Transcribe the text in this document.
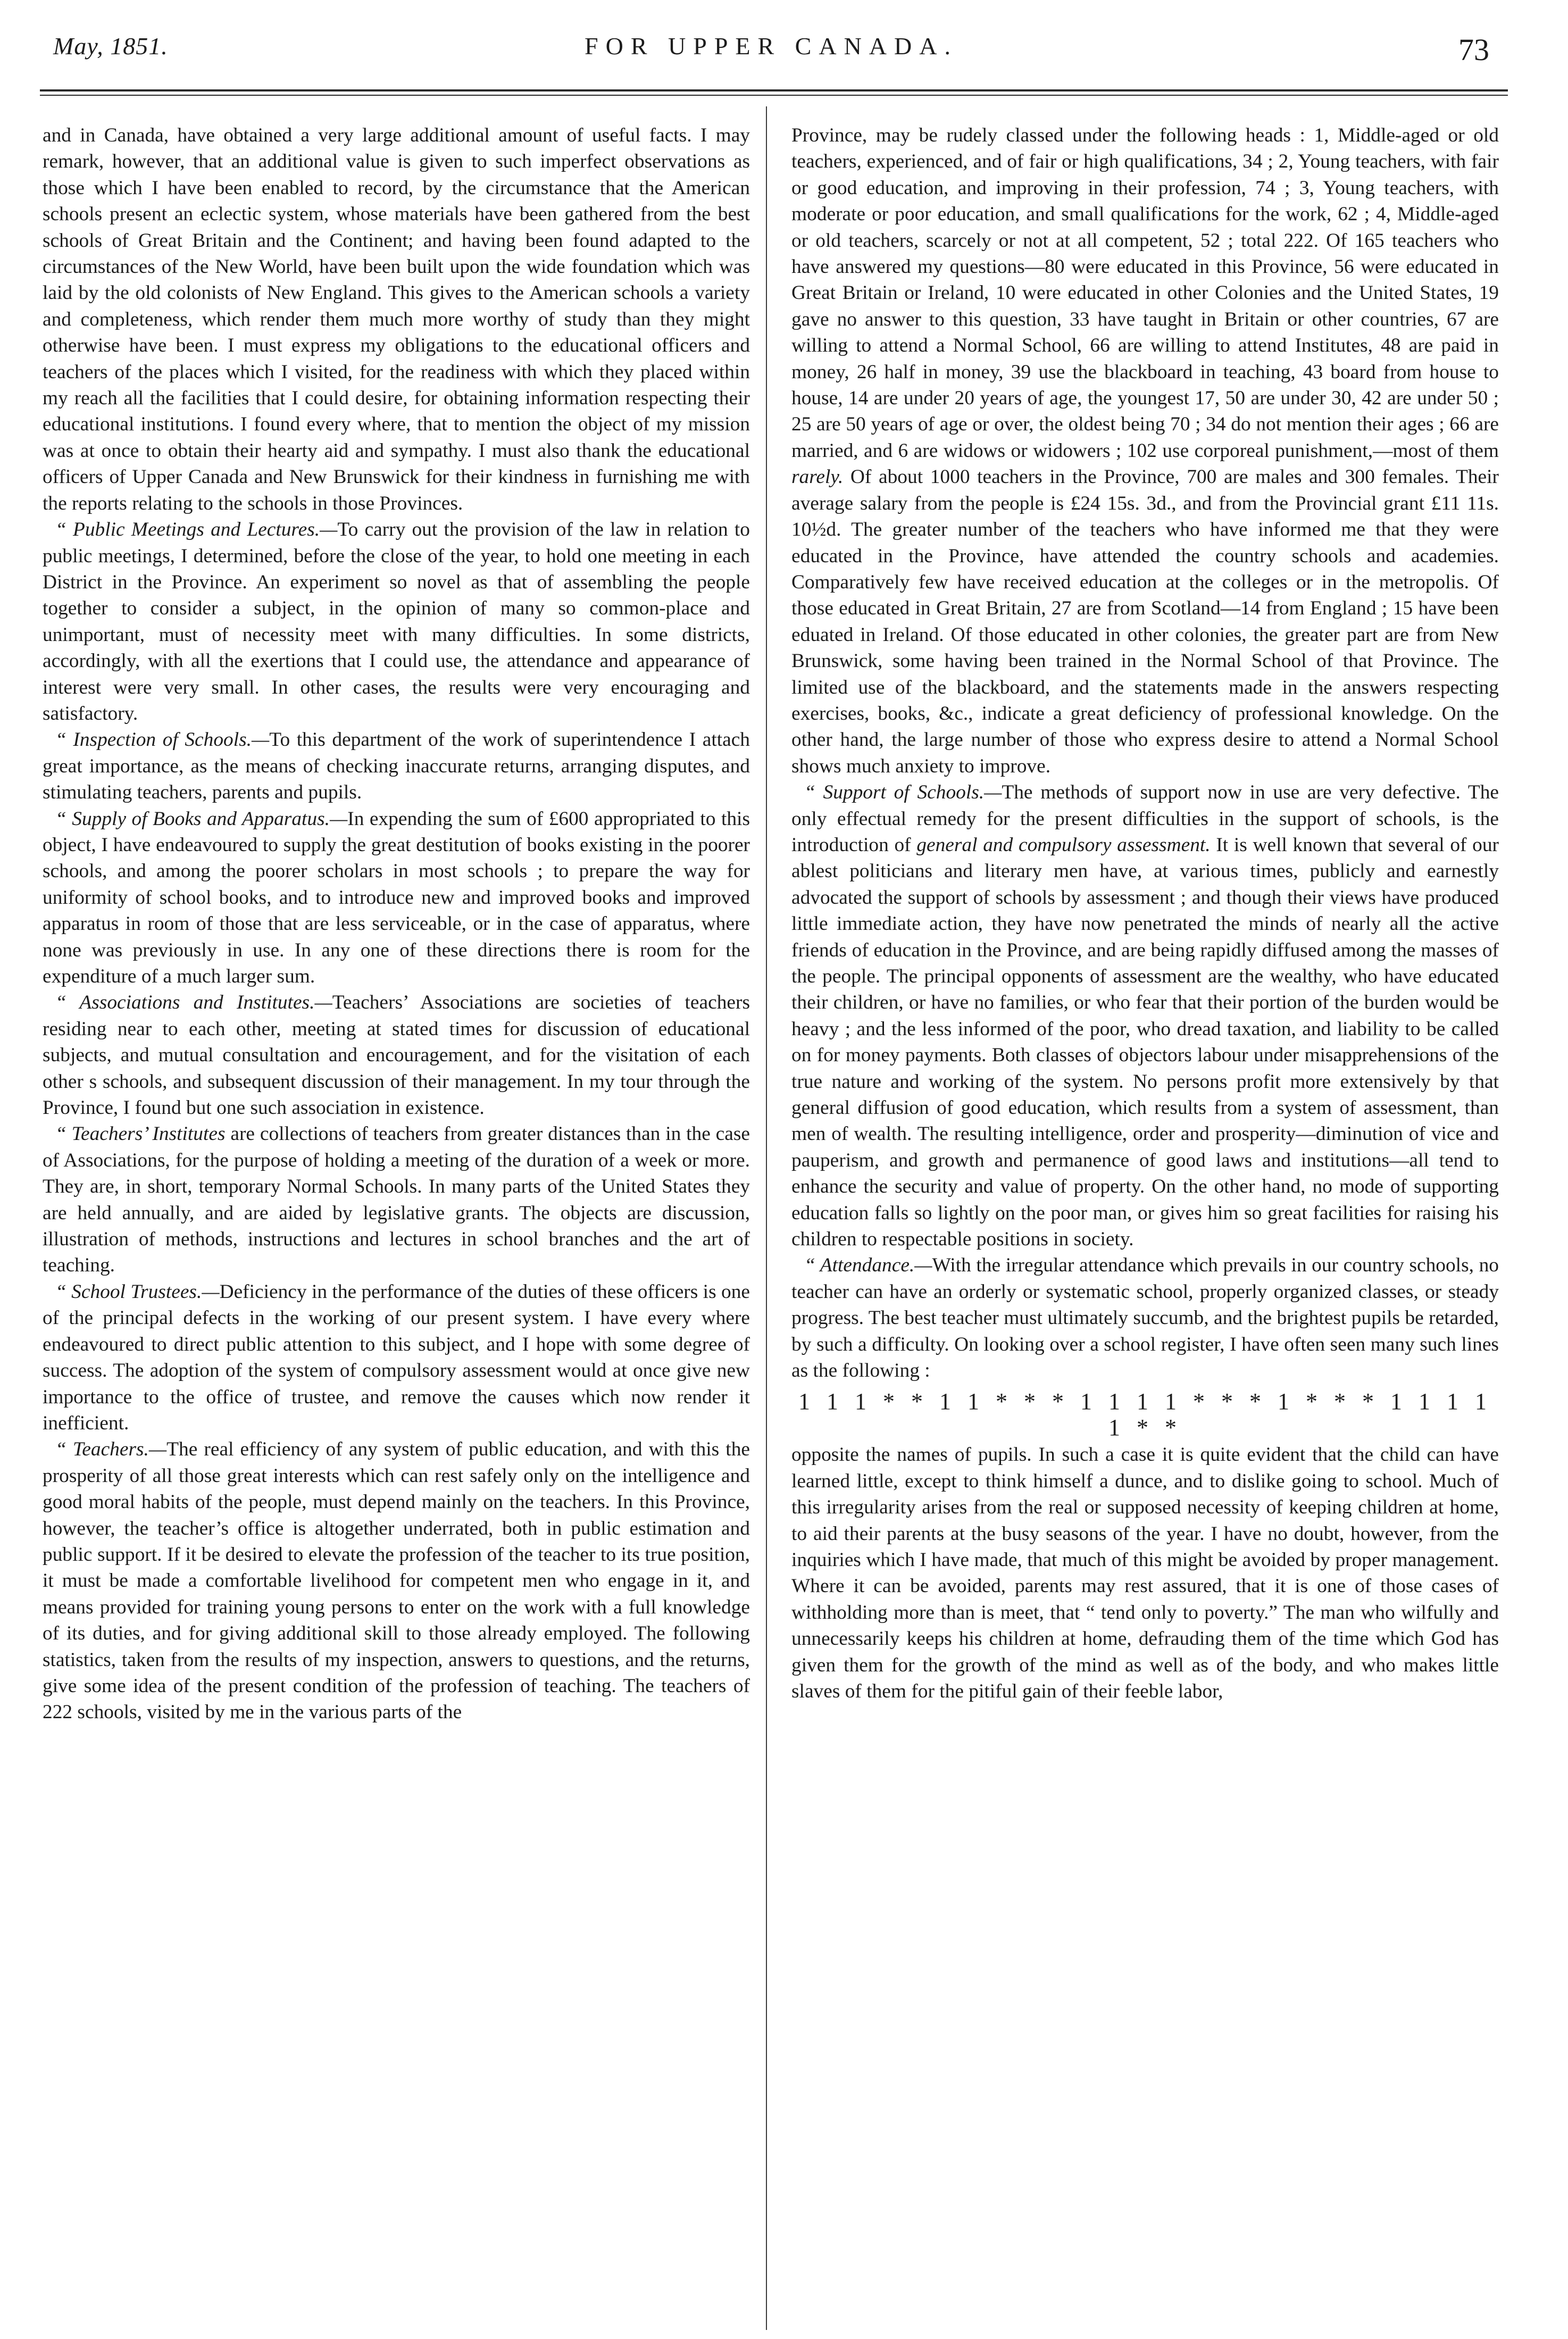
May, 1851.	FOR UPPER CANADA.	73

and in Canada, have obtained a very large additional amount of useful facts. I may remark, however, that an additional value is given to such imperfect observations as those which I have been enabled to record, by the circumstance that the American schools present an eclectic system, whose materials have been gathered from the best schools of Great Britain and the Continent; and having been found adapted to the circumstances of the New World, have been built upon the wide foundation which was laid by the old colonists of New England. This gives to the American schools a variety and completeness, which render them much more worthy of study than they might otherwise have been. I must express my obligations to the educational officers and teachers of the places which I visited, for the readiness with which they placed within my reach all the facilities that I could desire, for obtaining information respecting their educational institutions. I found every where, that to mention the object of my mission was at once to obtain their hearty aid and sympathy. I must also thank the educational officers of Upper Canada and New Brunswick for their kindness in furnishing me with the reports relating to the schools in those Provinces.

“ Public Meetings and Lectures.—To carry out the provision of the law in relation to public meetings, I determined, before the close of the year, to hold one meeting in each District in the Province. An experiment so novel as that of assembling the people together to consider a subject, in the opinion of many so common-place and unimportant, must of necessity meet with many difficulties. In some districts, accordingly, with all the exertions that I could use, the attendance and appearance of interest were very small. In other cases, the results were very encouraging and satisfactory.

“ Inspection of Schools.—To this department of the work of superintendence I attach great importance, as the means of checking inaccurate returns, arranging disputes, and stimulating teachers, parents and pupils.

“ Supply of Books and Apparatus.—In expending the sum of £600 appropriated to this object, I have endeavoured to supply the great destitution of books existing in the poorer schools, and among the poorer scholars in most schools ; to prepare the way for uniformity of school books, and to introduce new and improved books and improved apparatus in room of those that are less serviceable, or in the case of apparatus, where none was previously in use. In any one of these directions there is room for the expenditure of a much larger sum.

“ Associations and Institutes.—Teachers’ Associations are societies of teachers residing near to each other, meeting at stated times for discussion of educational subjects, and mutual consultation and encouragement, and for the visitation of each other s schools, and subsequent discussion of their management. In my tour through the Province, I found but one such association in existence.

“ Teachers’ Institutes are collections of teachers from greater distances than in the case of Associations, for the purpose of holding a meeting of the duration of a week or more. They are, in short, temporary Normal Schools. In many parts of the United States they are held annually, and are aided by legislative grants. The objects are discussion, illustration of methods, instructions and lectures in school branches and the art of teaching.

“ School Trustees.—Deficiency in the performance of the duties of these officers is one of the principal defects in the working of our present system. I have every where endeavoured to direct public attention to this subject, and I hope with some degree of success. The adoption of the system of compulsory assessment would at once give new importance to the office of trustee, and remove the causes which now render it inefficient.

“ Teachers.—The real efficiency of any system of public education, and with this the prosperity of all those great interests which can rest safely only on the intelligence and good moral habits of the people, must depend mainly on the teachers. In this Province, however, the teacher’s office is altogether underrated, both in public estimation and public support. If it be desired to elevate the profession of the teacher to its true position, it must be made a comfortable livelihood for competent men who engage in it, and means provided for training young persons to enter on the work with a full knowledge of its duties, and for giving additional skill to those already employed. The following statistics, taken from the results of my inspection, answers to questions, and the returns, give some idea of the present condition of the profession of teaching. The teachers of 222 schools, visited by me in the various parts of the

Province, may be rudely classed under the following heads : 1, Middle-aged or old teachers, experienced, and of fair or high qualifications, 34 ; 2, Young teachers, with fair or good education, and improving in their profession, 74 ; 3, Young teachers, with moderate or poor education, and small qualifications for the work, 62 ; 4, Middle-aged or old teachers, scarcely or not at all competent, 52 ; total 222. Of 165 teachers who have answered my questions—80 were educated in this Province, 56 were educated in Great Britain or Ireland, 10 were educated in other Colonies and the United States, 19 gave no answer to this question, 33 have taught in Britain or other countries, 67 are willing to attend a Normal School, 66 are willing to attend Institutes, 48 are paid in money, 26 half in money, 39 use the blackboard in teaching, 43 board from house to house, 14 are under 20 years of age, the youngest 17, 50 are under 30, 42 are under 50 ; 25 are 50 years of age or over, the oldest being 70 ; 34 do not mention their ages ; 66 are married, and 6 are widows or widowers ; 102 use corporeal punishment,—most of them rarely. Of about 1000 teachers in the Province, 700 are males and 300 females. Their average salary from the people is £24 15s. 3d., and from the Provincial grant £11 11s. 10½d. The greater number of the teachers who have informed me that they were educated in the Province, have attended the country schools and academies. Comparatively few have received education at the colleges or in the metropolis. Of those educated in Great Britain, 27 are from Scotland—14 from England ; 15 have been eduated in Ireland. Of those educated in other colonies, the greater part are from New Brunswick, some having been trained in the Normal School of that Province. The limited use of the blackboard, and the statements made in the answers respecting exercises, books, &c., indicate a great deficiency of professional knowledge. On the other hand, the large number of those who express desire to attend a Normal School shows much anxiety to improve.

“ Support of Schools.—The methods of support now in use are very defective. The only effectual remedy for the present difficulties in the support of schools, is the introduction of general and compulsory assessment. It is well known that several of our ablest politicians and literary men have, at various times, publicly and earnestly advocated the support of schools by assessment ; and though their views have produced little immediate action, they have now penetrated the minds of nearly all the active friends of education in the Province, and are being rapidly diffused among the masses of the people. The principal opponents of assessment are the wealthy, who have educated their children, or have no families, or who fear that their portion of the burden would be heavy ; and the less informed of the poor, who dread taxation, and liability to be called on for money payments. Both classes of objectors labour under misapprehensions of the true nature and working of the system. No persons profit more extensively by that general diffusion of good education, which results from a system of assessment, than men of wealth. The resulting intelligence, order and prosperity—diminution of vice and pauperism, and growth and permanence of good laws and institutions—all tend to enhance the security and value of property. On the other hand, no mode of supporting education falls so lightly on the poor man, or gives him so great facilities for raising his children to respectable positions in society.

“ Attendance.—With the irregular attendance which prevails in our country schools, no teacher can have an orderly or systematic school, properly organized classes, or steady progress. The best teacher must ultimately succumb, and the brightest pupils be retarded, by such a difficulty. On looking over a school register, I have often seen many such lines as the following :

1 1 1 * * 1 1 * * * 1 1 1 1 * * * 1 * * * 1 1 1 1 1 * *

opposite the names of pupils. In such a case it is quite evident that the child can have learned little, except to think himself a dunce, and to dislike going to school. Much of this irregularity arises from the real or supposed necessity of keeping children at home, to aid their parents at the busy seasons of the year. I have no doubt, however, from the inquiries which I have made, that much of this might be avoided by proper management. Where it can be avoided, parents may rest assured, that it is one of those cases of withholding more than is meet, that “ tend only to poverty.” The man who wilfully and unnecessarily keeps his children at home, defrauding them of the time which God has given them for the growth of the mind as well as of the body, and who makes little slaves of them for the pitiful gain of their feeble labor,
